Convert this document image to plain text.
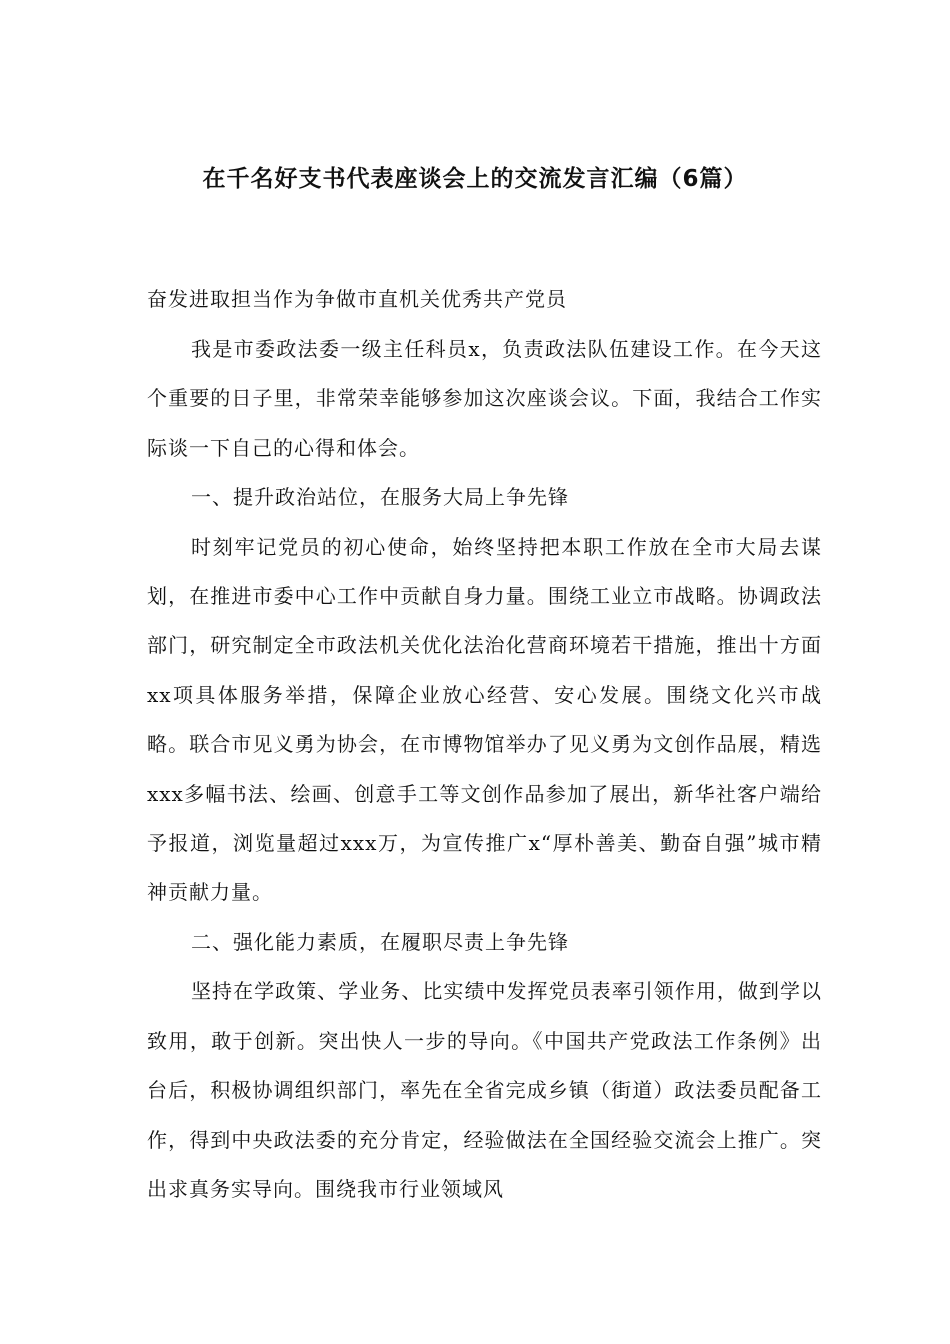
在千名好支书代表座谈会上的交流发言汇编（6篇）
奋发进取担当作为争做市直机关优秀共产党员

我是市委政法委一级主任科员x，负责政法队伍建设工作。在今天这个重要的日子里，非常荣幸能够参加这次座谈会议。下面，我结合工作实际谈一下自己的心得和体会。

一、提升政治站位，在服务大局上争先锋

时刻牢记党员的初心使命，始终坚持把本职工作放在全市大局去谋划，在推进市委中心工作中贡献自身力量。围绕工业立市战略。协调政法部门，研究制定全市政法机关优化法治化营商环境若干措施，推出十方面xx项具体服务举措，保障企业放心经营、安心发展。围绕文化兴市战略。联合市见义勇为协会，在市博物馆举办了见义勇为文创作品展，精选xxx多幅书法、绘画、创意手工等文创作品参加了展出，新华社客户端给予报道，浏览量超过xxx万，为宣传推广x“厚朴善美、勤奋自强”城市精神贡献力量。

二、强化能力素质，在履职尽责上争先锋

坚持在学政策、学业务、比实绩中发挥党员表率引领作用，做到学以致用，敢于创新。突出快人一步的导向。《中国共产党政法工作条例》出台后，积极协调组织部门，率先在全省完成乡镇（街道）政法委员配备工作，得到中央政法委的充分肯定，经验做法在全国经验交流会上推广。突出求真务实导向。围绕我市行业领域风
